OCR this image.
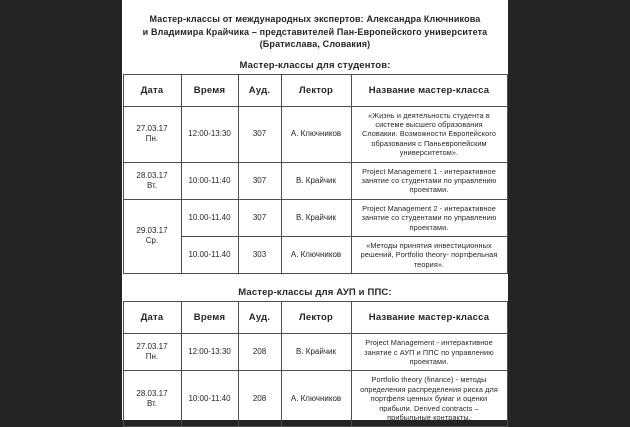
Мастер-классы от международных экспертов: Александра Ключникова
и Владимира Крайчика – представителей Пан-Европейского университета
(Братислава, Словакия)
Мастер-классы для студентов:
Дата	Время	Ауд.	Лектор	Название мастер-класса

27.03.17
Пн.	12:00-13:30	307	А. Ключников	«Жизнь и деятельность студента в системе высшего образования Словакии. Возможности Европейского образования с Паньевропейским университетом».

28.03.17
Вт.	10:00-11:40	307	В. Крайчик	Project Management 1 - интерактивное занятие со студентами по управлению проектами.

29.03.17
Ср.	10.00-11.40	307	В. Крайчик	Project Management 2 - интерактивное занятие со студентами по управлению проектами.
	10.00-11.40	303	А. Ключников	«Методы принятия инвестиционных решений, Portfolio theory- портфельная теория».
Мастер-классы для АУП и ППС:
Дата	Время	Ауд.	Лектор	Название мастер-класса

27.03.17
Пн.	12:00-13:30	208	В. Крайчик	Project Management - интерактивное занятие с АУП и ППС по управлению проектами.

28.03.17
Вт.	10:00-11:40	208	А. Ключников	Portfolio theory (finance) - методы определения распределения риска для портфеля ценных бумаг и оценки прибыли. Derived contracts – прибыльные контракты.
